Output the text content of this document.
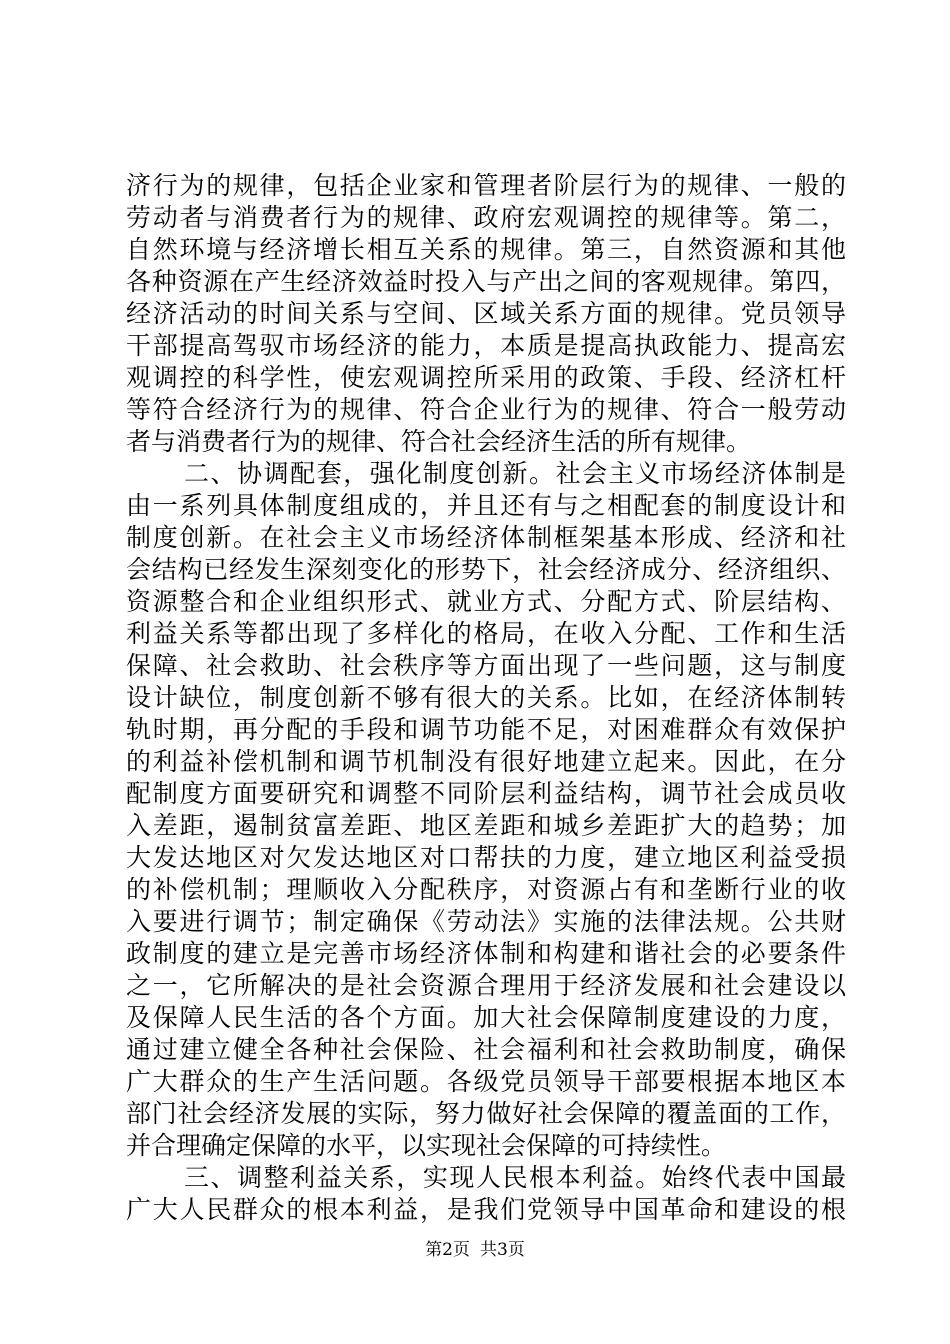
济行为的规律，包括企业家和管理者阶层行为的规律、一般的
劳动者与消费者行为的规律、政府宏观调控的规律等。第二，
自然环境与经济增长相互关系的规律。第三，自然资源和其他
各种资源在产生经济效益时投入与产出之间的客观规律。第四，
经济活动的时间关系与空间、区域关系方面的规律。党员领导
干部提高驾驭市场经济的能力，本质是提高执政能力、提高宏
观调控的科学性，使宏观调控所采用的政策、手段、经济杠杆
等符合经济行为的规律、符合企业行为的规律、符合一般劳动
者与消费者行为的规律、符合社会经济生活的所有规律。
二、协调配套，强化制度创新。社会主义市场经济体制是
由一系列具体制度组成的，并且还有与之相配套的制度设计和
制度创新。在社会主义市场经济体制框架基本形成、经济和社
会结构已经发生深刻变化的形势下，社会经济成分、经济组织、
资源整合和企业组织形式、就业方式、分配方式、阶层结构、
利益关系等都出现了多样化的格局，在收入分配、工作和生活
保障、社会救助、社会秩序等方面出现了一些问题，这与制度
设计缺位，制度创新不够有很大的关系。比如，在经济体制转
轨时期，再分配的手段和调节功能不足，对困难群众有效保护
的利益补偿机制和调节机制没有很好地建立起来。因此，在分
配制度方面要研究和调整不同阶层利益结构，调节社会成员收
入差距，遏制贫富差距、地区差距和城乡差距扩大的趋势；加
大发达地区对欠发达地区对口帮扶的力度，建立地区利益受损
的补偿机制；理顺收入分配秩序，对资源占有和垄断行业的收
入要进行调节；制定确保《劳动法》实施的法律法规。公共财
政制度的建立是完善市场经济体制和构建和谐社会的必要条件
之一，它所解决的是社会资源合理用于经济发展和社会建设以
及保障人民生活的各个方面。加大社会保障制度建设的力度，
通过建立健全各种社会保险、社会福利和社会救助制度，确保
广大群众的生产生活问题。各级党员领导干部要根据本地区本
部门社会经济发展的实际，努力做好社会保障的覆盖面的工作，
并合理确定保障的水平，以实现社会保障的可持续性。
三、调整利益关系，实现人民根本利益。始终代表中国最
广大人民群众的根本利益，是我们党领导中国革命和建设的根
第2页 共3页
